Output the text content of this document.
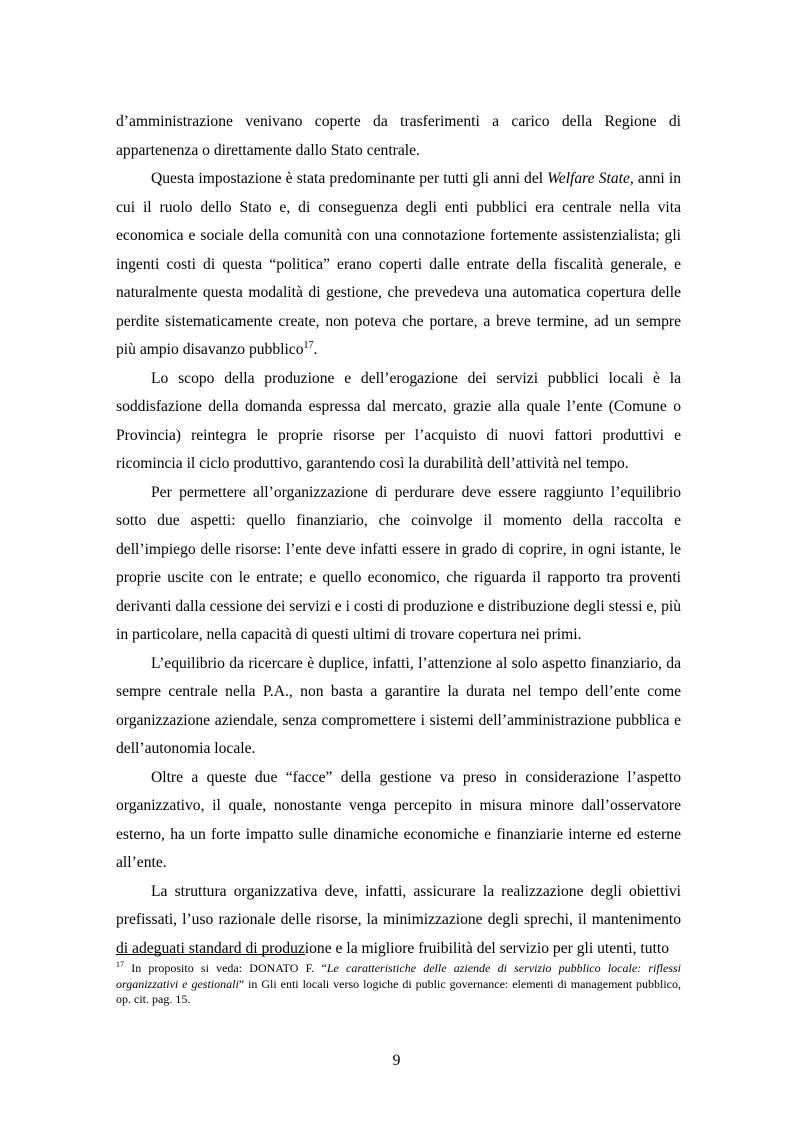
d’amministrazione venivano coperte da trasferimenti a carico della Regione di appartenenza o direttamente dallo Stato centrale.

Questa impostazione è stata predominante per tutti gli anni del Welfare State, anni in cui il ruolo dello Stato e, di conseguenza degli enti pubblici era centrale nella vita economica e sociale della comunità con una connotazione fortemente assistenzialista; gli ingenti costi di questa “politica” erano coperti dalle entrate della fiscalità generale, e naturalmente questa modalità di gestione, che prevedeva una automatica copertura delle perdite sistematicamente create, non poteva che portare, a breve termine, ad un sempre più ampio disavanzo pubblico$^{17}$.

Lo scopo della produzione e dell’erogazione dei servizi pubblici locali è la soddisfazione della domanda espressa dal mercato, grazie alla quale l’ente (Comune o Provincia) reintegra le proprie risorse per l’acquisto di nuovi fattori produttivi e ricomincia il ciclo produttivo, garantendo così la durabilità dell’attività nel tempo.

Per permettere all’organizzazione di perdurare deve essere raggiunto l’equilibrio sotto due aspetti: quello finanziario, che coinvolge il momento della raccolta e dell’impiego delle risorse: l’ente deve infatti essere in grado di coprire, in ogni istante, le proprie uscite con le entrate; e quello economico, che riguarda il rapporto tra proventi derivanti dalla cessione dei servizi e i costi di produzione e distribuzione degli stessi e, più in particolare, nella capacità di questi ultimi di trovare copertura nei primi.

L’equilibrio da ricercare è duplice, infatti, l’attenzione al solo aspetto finanziario, da sempre centrale nella P.A., non basta a garantire la durata nel tempo dell’ente come organizzazione aziendale, senza compromettere i sistemi dell’amministrazione pubblica e dell’autonomia locale.

Oltre a queste due “facce” della gestione va preso in considerazione l’aspetto organizzativo, il quale, nonostante venga percepito in misura minore dall’osservatore esterno, ha un forte impatto sulle dinamiche economiche e finanziarie interne ed esterne all’ente.

La struttura organizzativa deve, infatti, assicurare la realizzazione degli obiettivi prefissati, l’uso razionale delle risorse, la minimizzazione degli sprechi, il mantenimento di adeguati standard di produzione e la migliore fruibilità del servizio per gli utenti, tutto

$^{17}$ In proposito si veda: DONATO F. “Le caratteristiche delle aziende di servizio pubblico locale: riflessi organizzativi e gestionali” in Gli enti locali verso logiche di public governance: elementi di management pubblico, op. cit. pag. 15.
9
